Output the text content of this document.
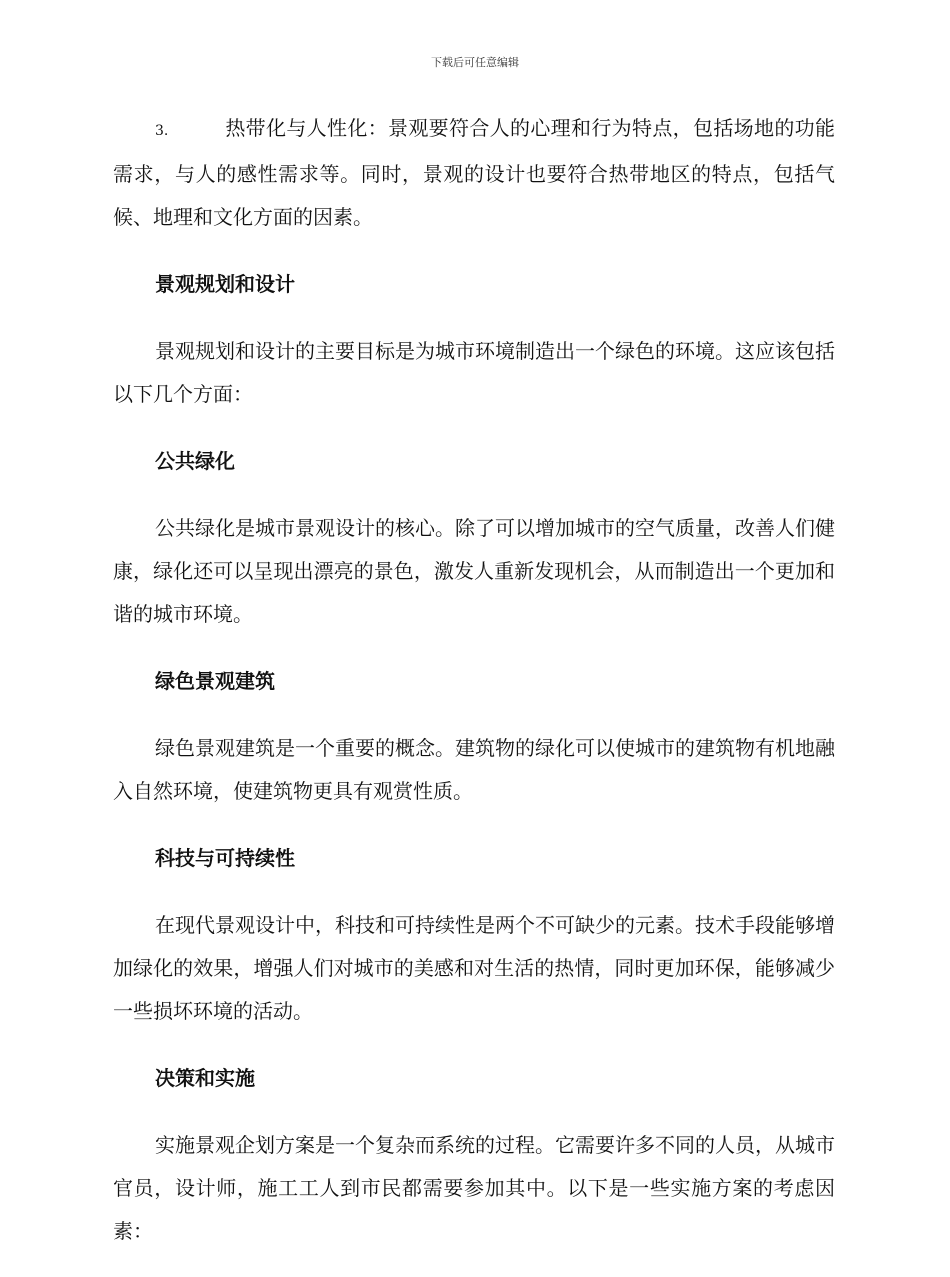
下载后可任意编辑

3.	热带化与人性化：景观要符合人的心理和行为特点，包括场地的功能需求，与人的感性需求等。同时，景观的设计也要符合热带地区的特点，包括气候、地理和文化方面的因素。

景观规划和设计

景观规划和设计的主要目标是为城市环境制造出一个绿色的环境。这应该包括以下几个方面：

公共绿化

公共绿化是城市景观设计的核心。除了可以增加城市的空气质量，改善人们健康，绿化还可以呈现出漂亮的景色，激发人重新发现机会，从而制造出一个更加和谐的城市环境。

绿色景观建筑

绿色景观建筑是一个重要的概念。建筑物的绿化可以使城市的建筑物有机地融入自然环境，使建筑物更具有观赏性质。

科技与可持续性

在现代景观设计中，科技和可持续性是两个不可缺少的元素。技术手段能够增加绿化的效果，增强人们对城市的美感和对生活的热情，同时更加环保，能够减少一些损坏环境的活动。

决策和实施

实施景观企划方案是一个复杂而系统的过程。它需要许多不同的人员，从城市官员，设计师，施工工人到市民都需要参加其中。以下是一些实施方案的考虑因素：
